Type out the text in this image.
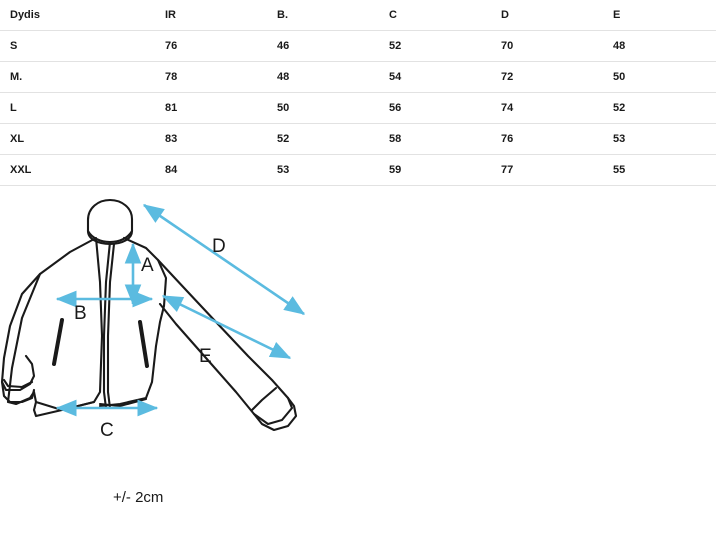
Dydis	IR	B.	C	D	E
S	76	46	52	70	48
M.	78	48	54	72	50
L	81	50	56	74	52
XL	83	52	58	76	53
XXL	84	53	59	77	55
A
B
C
D
E
+/- 2cm
